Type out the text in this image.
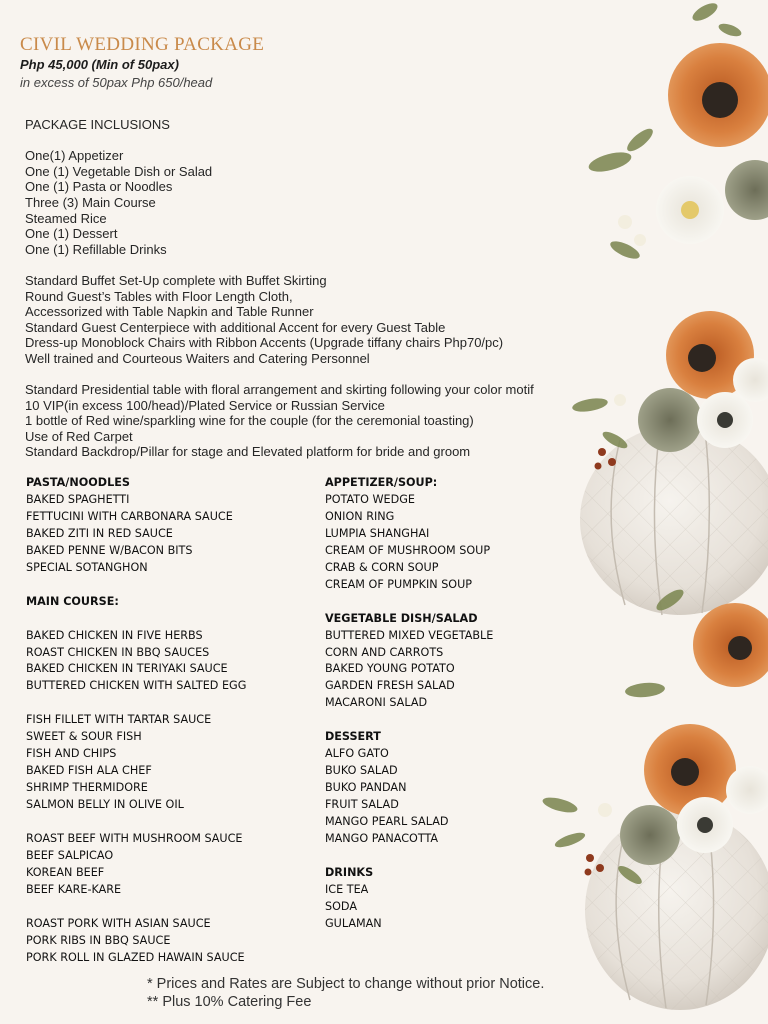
CIVIL WEDDING PACKAGE
Php 45,000 (Min of 50pax)
in excess of 50pax Php 650/head
PACKAGE INCLUSIONS
One(1) Appetizer
One (1) Vegetable Dish or Salad
One (1) Pasta or Noodles
Three (3) Main Course
Steamed Rice
One (1) Dessert
One (1) Refillable Drinks
Standard Buffet Set-Up complete with Buffet Skirting
Round Guest’s Tables with Floor Length Cloth,
Accessorized with Table Napkin and Table Runner
Standard Guest Centerpiece with additional Accent for every Guest Table
Dress-up Monoblock Chairs with Ribbon Accents (Upgrade tiffany chairs Php70/pc)
Well trained and Courteous Waiters and Catering Personnel
Standard Presidential table with floral arrangement and skirting following your color motif
10 VIP(in excess 100/head)/Plated Service or Russian Service
1 bottle of Red wine/sparkling wine for the couple (for the ceremonial toasting)
Use of Red Carpet
Standard Backdrop/Pillar for stage and Elevated platform for bride and groom
PASTA/NOODLES
BAKED SPAGHETTI
FETTUCINI WITH CARBONARA SAUCE
BAKED ZITI IN RED SAUCE
BAKED PENNE W/BACON BITS
SPECIAL SOTANGHON
MAIN COURSE:
BAKED CHICKEN IN FIVE HERBS
ROAST CHICKEN IN BBQ SAUCES
BAKED CHICKEN IN TERIYAKI SAUCE
BUTTERED CHICKEN WITH SALTED EGG
FISH FILLET WITH TARTAR SAUCE
SWEET & SOUR FISH
FISH AND CHIPS
BAKED FISH ALA CHEF
SHRIMP THERMIDORE
SALMON BELLY IN OLIVE OIL
ROAST BEEF WITH MUSHROOM SAUCE
BEEF SALPICAO
KOREAN BEEF
BEEF KARE-KARE
ROAST PORK WITH ASIAN SAUCE
PORK RIBS IN BBQ SAUCE
PORK ROLL IN GLAZED HAWAIN SAUCE
APPETIZER/SOUP:
POTATO WEDGE
ONION RING
LUMPIA SHANGHAI
CREAM OF MUSHROOM SOUP
CRAB & CORN SOUP
CREAM OF PUMPKIN SOUP
VEGETABLE DISH/SALAD
BUTTERED MIXED VEGETABLE
CORN AND CARROTS
BAKED YOUNG POTATO
GARDEN FRESH SALAD
MACARONI SALAD
DESSERT
ALFO GATO
BUKO SALAD
BUKO PANDAN
FRUIT SALAD
MANGO PEARL SALAD
MANGO PANACOTTA
DRINKS
ICE TEA
SODA
GULAMAN
* Prices and Rates are Subject to change without prior Notice.
** Plus 10% Catering Fee
